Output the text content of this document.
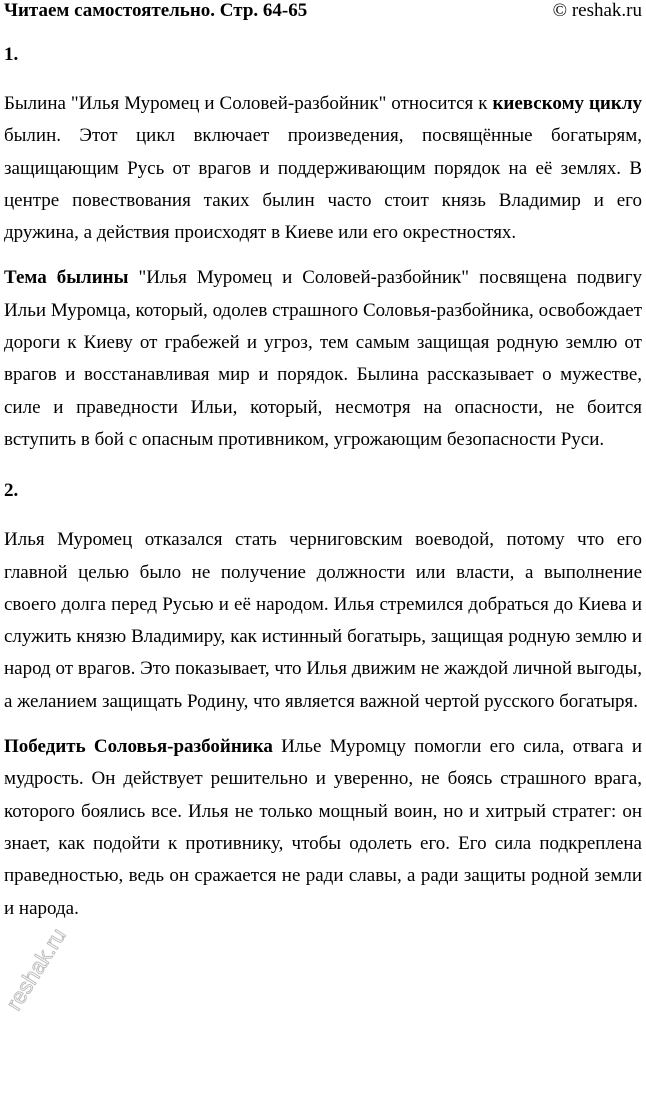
Читаем самостоятельно. Стр. 64-65	© reshak.ru
1.

Былина "Илья Муромец и Соловей-разбойник" относится к киевскому циклу былин. Этот цикл включает произведения, посвящённые богатырям, защищающим Русь от врагов и поддерживающим порядок на её землях. В центре повествования таких былин часто стоит князь Владимир и его дружина, а действия происходят в Киеве или его окрестностях.

Тема былины "Илья Муромец и Соловей-разбойник" посвящена подвигу Ильи Муромца, который, одолев страшного Соловья-разбойника, освобождает дороги к Киеву от грабежей и угроз, тем самым защищая родную землю от врагов и восстанавливая мир и порядок. Былина рассказывает о мужестве, силе и праведности Ильи, который, несмотря на опасности, не боится вступить в бой с опасным противником, угрожающим безопасности Руси.

2.

Илья Муромец отказался стать черниговским воеводой, потому что его главной целью было не получение должности или власти, а выполнение своего долга перед Русью и её народом. Илья стремился добраться до Киева и служить князю Владимиру, как истинный богатырь, защищая родную землю и народ от врагов. Это показывает, что Илья движим не жаждой личной выгоды, а желанием защищать Родину, что является важной чертой русского богатыря.

Победить Соловья-разбойника Илье Муромцу помогли его сила, отвага и мудрость. Он действует решительно и уверенно, не боясь страшного врага, которого боялись все. Илья не только мощный воин, но и хитрый стратег: он знает, как подойти к противнику, чтобы одолеть его. Его сила подкреплена праведностью, ведь он сражается не ради славы, а ради защиты родной земли и народа.

reshak.ru
